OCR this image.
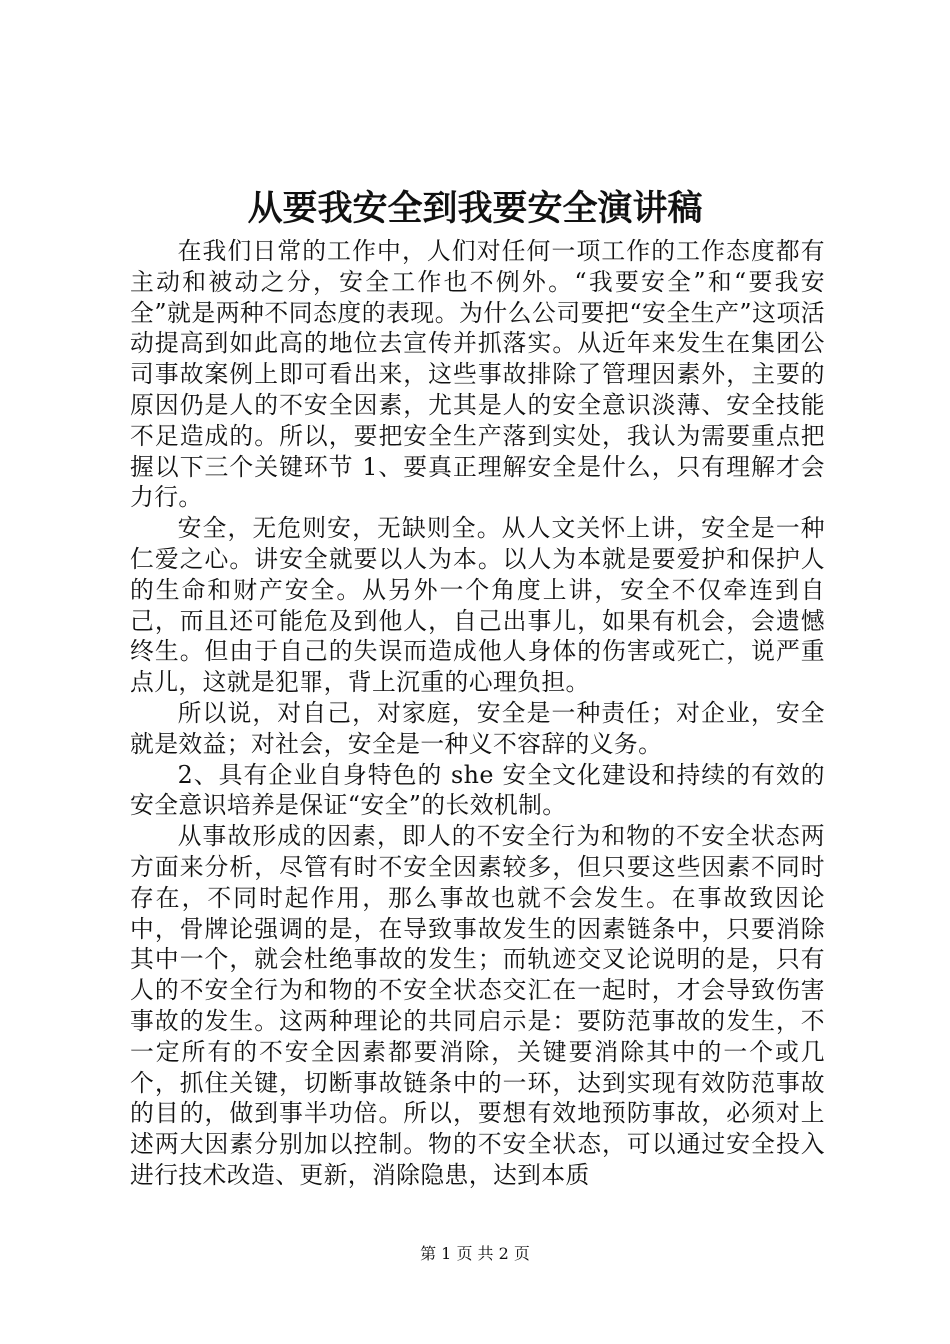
从要我安全到我要安全演讲稿

在我们日常的工作中，人们对任何一项工作的工作态度都有主动和被动之分，安全工作也不例外。“我要安全”和“要我安全”就是两种不同态度的表现。为什么公司要把“安全生产”这项活动提高到如此高的地位去宣传并抓落实。从近年来发生在集团公司事故案例上即可看出来，这些事故排除了管理因素外，主要的原因仍是人的不安全因素，尤其是人的安全意识淡薄、安全技能不足造成的。所以，要把安全生产落到实处，我认为需要重点把握以下三个关键环节 1、要真正理解安全是什么，只有理解才会力行。

安全，无危则安，无缺则全。从人文关怀上讲，安全是一种仁爱之心。讲安全就要以人为本。以人为本就是要爱护和保护人的生命和财产安全。从另外一个角度上讲，安全不仅牵连到自己，而且还可能危及到他人，自己出事儿，如果有机会，会遗憾终生。但由于自己的失误而造成他人身体的伤害或死亡，说严重点儿，这就是犯罪，背上沉重的心理负担。

所以说，对自己，对家庭，安全是一种责任；对企业，安全就是效益；对社会，安全是一种义不容辞的义务。

2、具有企业自身特色的 she 安全文化建设和持续的有效的安全意识培养是保证“安全”的长效机制。

从事故形成的因素，即人的不安全行为和物的不安全状态两方面来分析，尽管有时不安全因素较多，但只要这些因素不同时存在，不同时起作用，那么事故也就不会发生。在事故致因论中，骨牌论强调的是，在导致事故发生的因素链条中，只要消除其中一个，就会杜绝事故的发生；而轨迹交叉论说明的是，只有人的不安全行为和物的不安全状态交汇在一起时，才会导致伤害事故的发生。这两种理论的共同启示是：要防范事故的发生，不一定所有的不安全因素都要消除，关键要消除其中的一个或几个，抓住关键，切断事故链条中的一环，达到实现有效防范事故的目的，做到事半功倍。所以，要想有效地预防事故，必须对上述两大因素分别加以控制。物的不安全状态，可以通过安全投入进行技术改造、更新，消除隐患，达到本质

第 1 页 共 2 页
